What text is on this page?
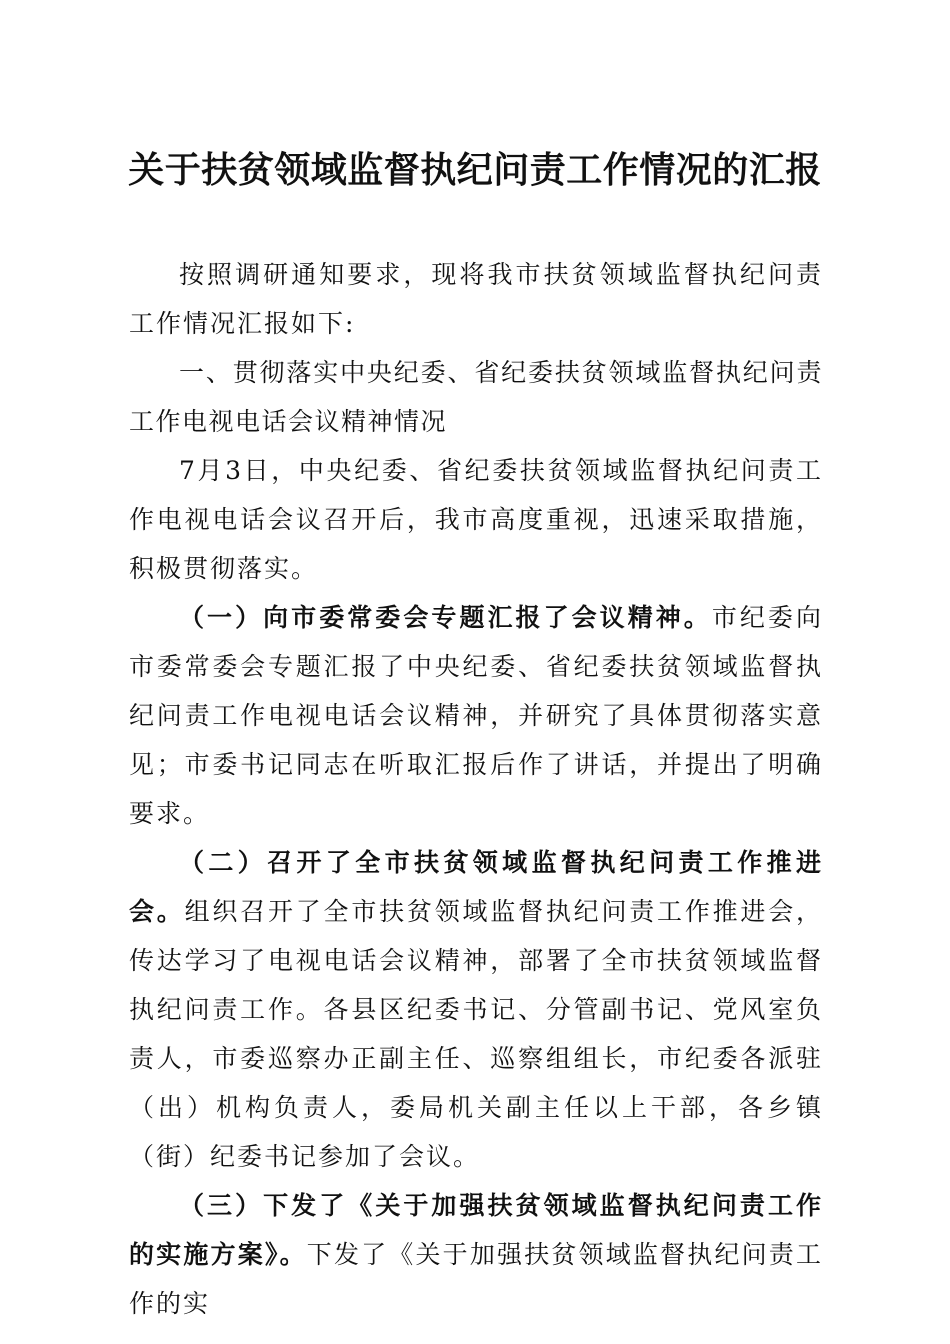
关于扶贫领域监督执纪问责工作情况的汇报

按照调研通知要求，现将我市扶贫领域监督执纪问责工作情况汇报如下:

一、贯彻落实中央纪委、省纪委扶贫领域监督执纪问责工作电视电话会议精神情况

7月3日，中央纪委、省纪委扶贫领域监督执纪问责工作电视电话会议召开后，我市高度重视，迅速采取措施，积极贯彻落实。

（一）向市委常委会专题汇报了会议精神。市纪委向市委常委会专题汇报了中央纪委、省纪委扶贫领域监督执纪问责工作电视电话会议精神，并研究了具体贯彻落实意见；市委书记同志在听取汇报后作了讲话，并提出了明确要求。

（二）召开了全市扶贫领域监督执纪问责工作推进会。组织召开了全市扶贫领域监督执纪问责工作推进会，传达学习了电视电话会议精神，部署了全市扶贫领域监督执纪问责工作。各县区纪委书记、分管副书记、党风室负责人，市委巡察办正副主任、巡察组组长，市纪委各派驻（出）机构负责人，委局机关副主任以上干部，各乡镇（街）纪委书记参加了会议。

（三）下发了《关于加强扶贫领域监督执纪问责工作的实施方案》。下发了《关于加强扶贫领域监督执纪问责工作的实
